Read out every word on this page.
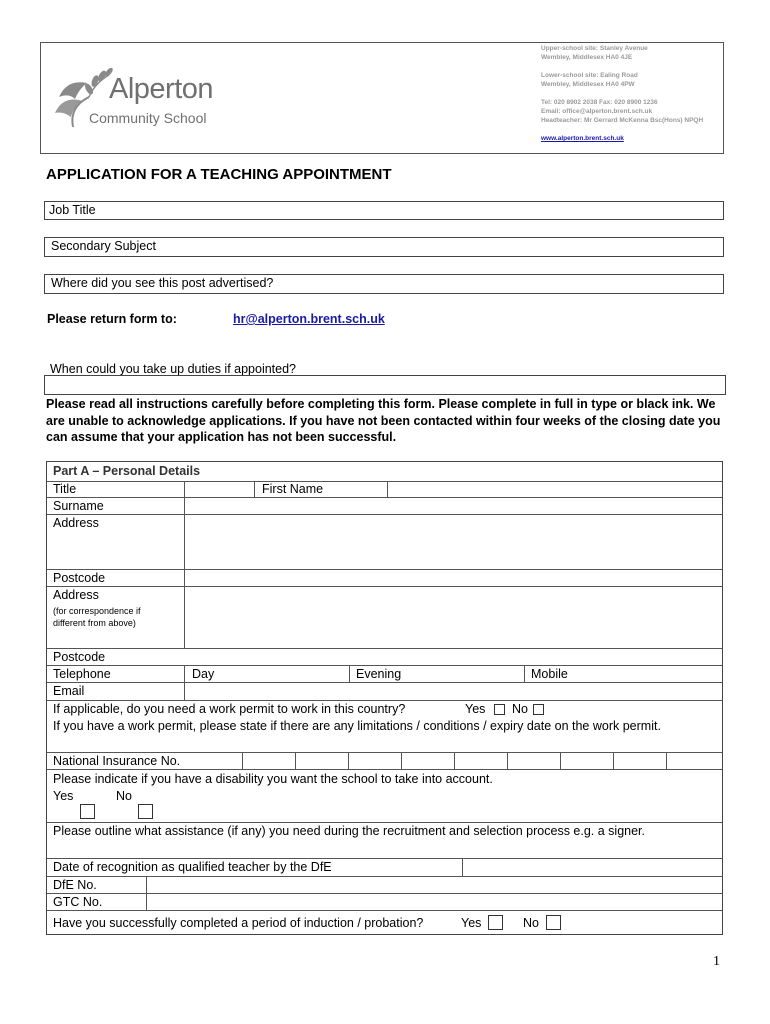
Alperton
Community School
Upper-school site: Stanley Avenue
Wembley, Middlesex HA0 4JE
Lower-school site: Ealing Road
Wembley, Middlesex HA0 4PW
Tel: 020 8902 2038 Fax: 020 8900 1236
Email: office@alperton.brent.sch.uk
Headteacher: Mr Gerrard McKenna Bsc(Hons) NPQH
www.alperton.brent.sch.uk
APPLICATION FOR A TEACHING APPOINTMENT
Job Title
Secondary Subject
Where did you see this post advertised?
Please return form to:	hr@alperton.brent.sch.uk
When could you take up duties if appointed?
Please read all instructions carefully before completing this form. Please complete in full in type or black ink. We are unable to acknowledge applications. If you have not been contacted within four weeks of the closing date you can assume that your application has not been successful.
Part A – Personal Details
Title	First Name
Surname
Address
Postcode
Address
(for correspondence if different from above)
Postcode
Telephone	Day	Evening	Mobile
Email
If applicable, do you need a work permit to work in this country?	Yes No
If you have a work permit, please state if there are any limitations / conditions / expiry date on the work permit.
National Insurance No.
Please indicate if you have a disability you want the school to take into account.
Yes	No
Please outline what assistance (if any) you need during the recruitment and selection process e.g. a signer.
Date of recognition as qualified teacher by the DfE
DfE No.
GTC No.
Have you successfully completed a period of induction / probation?	Yes	No
1
